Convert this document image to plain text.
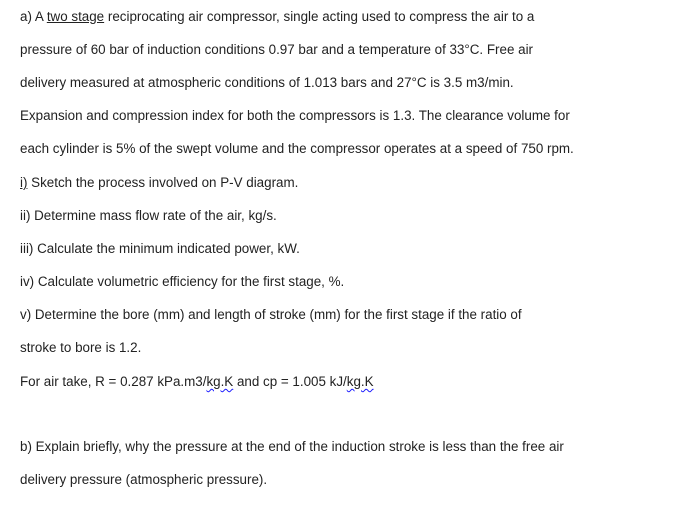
a) A two stage reciprocating air compressor, single acting used to compress the air to a
pressure of 60 bar of induction conditions 0.97 bar and a temperature of 33°C. Free air
delivery measured at atmospheric conditions of 1.013 bars and 27°C is 3.5 m3/min.
Expansion and compression index for both the compressors is 1.3. The clearance volume for
each cylinder is 5% of the swept volume and the compressor operates at a speed of 750 rpm.
i) Sketch the process involved on P-V diagram.
ii) Determine mass flow rate of the air, kg/s.
iii) Calculate the minimum indicated power, kW.
iv) Calculate volumetric efficiency for the first stage, %.
v) Determine the bore (mm) and length of stroke (mm) for the first stage if the ratio of
stroke to bore is 1.2.
For air take, R = 0.287 kPa.m3/kg.K and cp = 1.005 kJ/kg.K
b) Explain briefly, why the pressure at the end of the induction stroke is less than the free air
delivery pressure (atmospheric pressure).
